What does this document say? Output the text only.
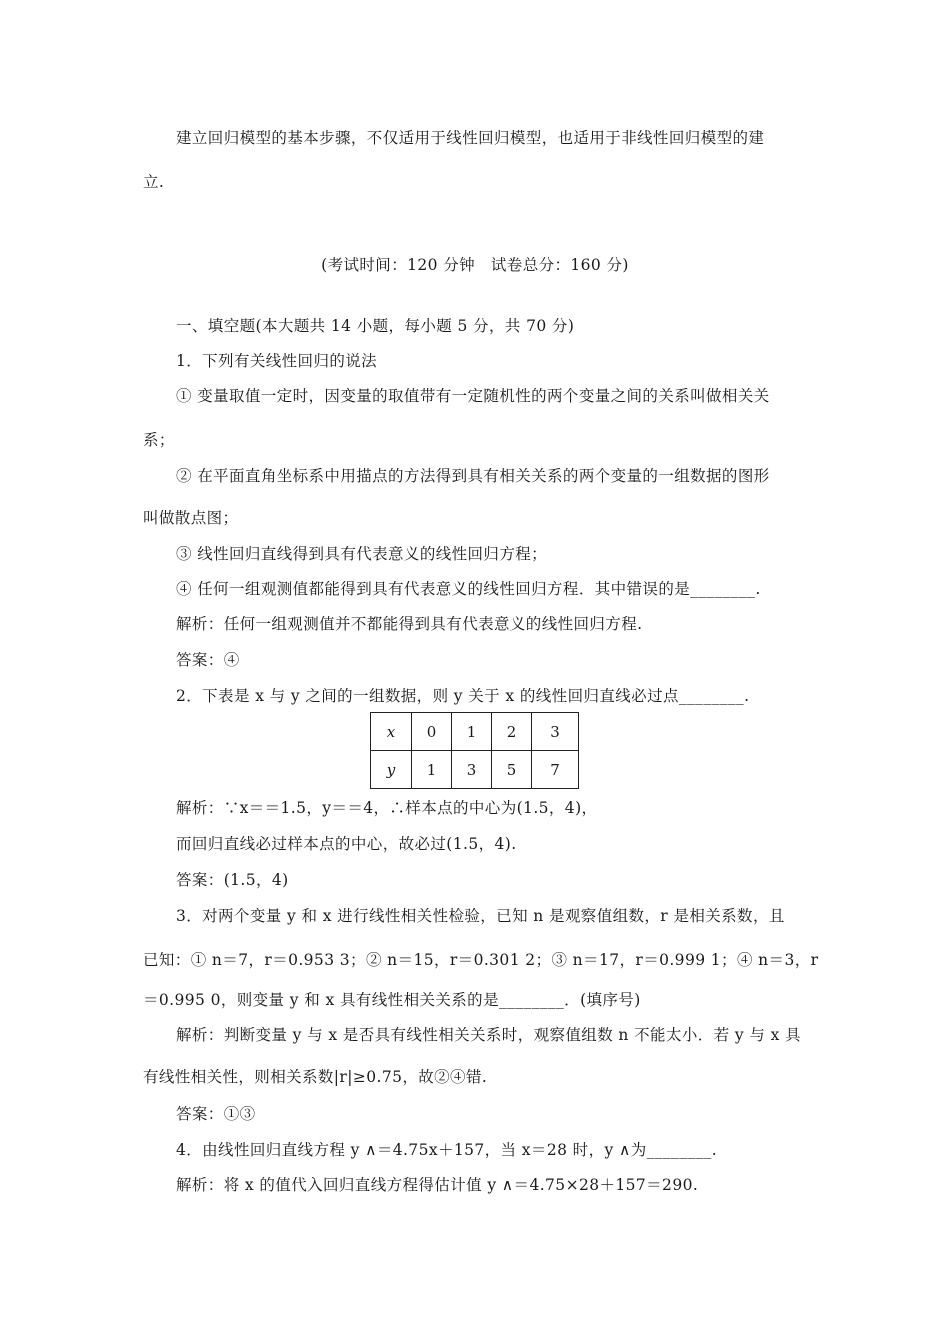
建立回归模型的基本步骤，不仅适用于线性回归模型，也适用于非线性回归模型的建
立.
(考试时间：120 分钟　试卷总分：160 分)
一、填空题(本大题共 14 小题，每小题 5 分，共 70 分)
1．下列有关线性回归的说法
① 变量取值一定时，因变量的取值带有一定随机性的两个变量之间的关系叫做相关关
系；
② 在平面直角坐标系中用描点的方法得到具有相关关系的两个变量的一组数据的图形
叫做散点图；
③ 线性回归直线得到具有代表意义的线性回归方程；
④ 任何一组观测值都能得到具有代表意义的线性回归方程．其中错误的是________.
解析：任何一组观测值并不都能得到具有代表意义的线性回归方程.
答案：④
2．下表是 x 与 y 之间的一组数据，则 y 关于 x 的线性回归直线必过点________.
x	0	1	2	3
y	1	3	5	7
解析：∵x＝＝1.5，y＝＝4，∴样本点的中心为(1.5，4)，
而回归直线必过样本点的中心，故必过(1.5，4).
答案：(1.5，4)
3．对两个变量 y 和 x 进行线性相关性检验，已知 n 是观察值组数，r 是相关系数，且
已知：① n＝7，r＝0.953 3；② n＝15，r＝0.301 2；③ n＝17，r＝0.999 1；④ n＝3，r
＝0.995 0，则变量 y 和 x 具有线性相关关系的是________．(填序号)
解析：判断变量 y 与 x 是否具有线性相关关系时，观察值组数 n 不能太小．若 y 与 x 具
有线性相关性，则相关系数|r|≥0.75，故②④错.
答案：①③
4．由线性回归直线方程 y ∧＝4.75x＋157，当 x＝28 时，y ∧为________.
解析：将 x 的值代入回归直线方程得估计值 y ∧＝4.75×28＋157＝290.
